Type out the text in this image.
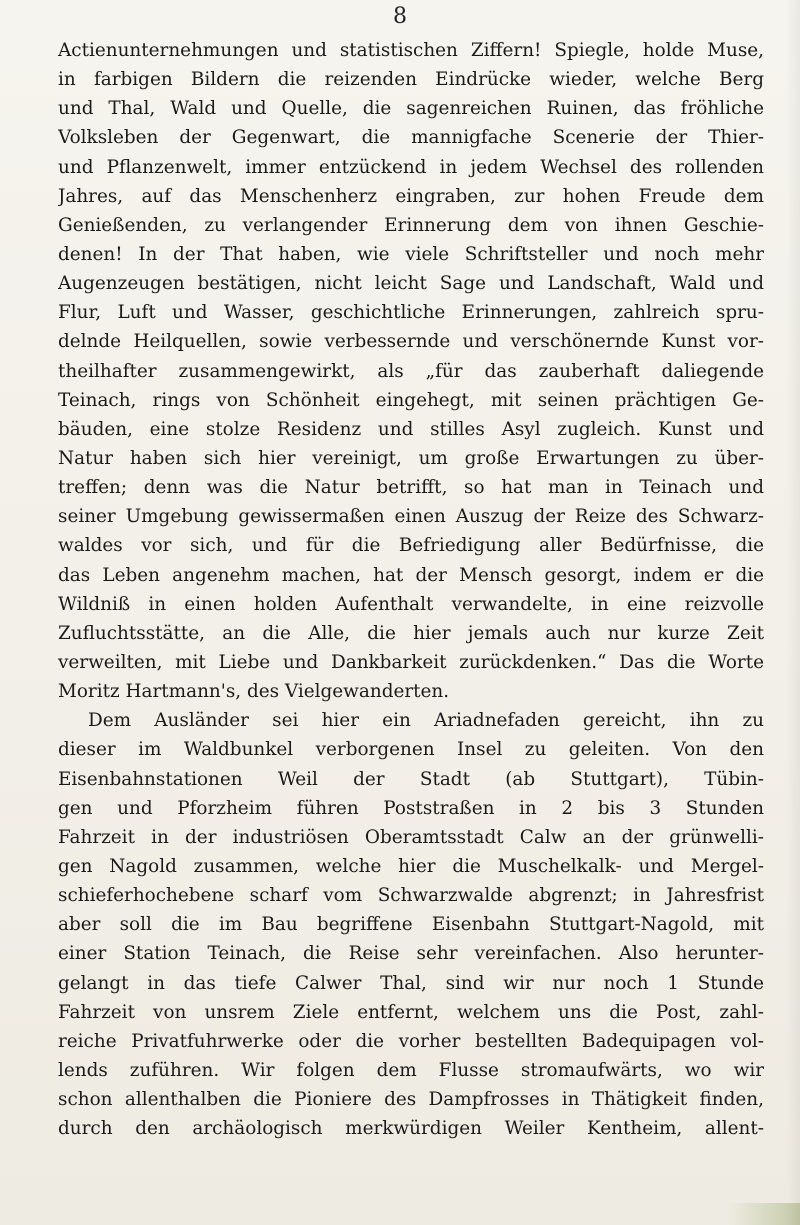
8
Actienunternehmungen und statistischen Ziffern! Spiegle, holde Muse,
in farbigen Bildern die reizenden Eindrücke wieder, welche Berg
und Thal, Wald und Quelle, die sagenreichen Ruinen, das fröhliche
Volksleben der Gegenwart, die mannigfache Scenerie der Thier-
und Pflanzenwelt, immer entzückend in jedem Wechsel des rollenden
Jahres, auf das Menschenherz eingraben, zur hohen Freude dem
Genießenden, zu verlangender Erinnerung dem von ihnen Geschie-
denen! In der That haben, wie viele Schriftsteller und noch mehr
Augenzeugen bestätigen, nicht leicht Sage und Landschaft, Wald und
Flur, Luft und Wasser, geschichtliche Erinnerungen, zahlreich spru-
delnde Heilquellen, sowie verbessernde und verschönernde Kunst vor-
theilhafter zusammengewirkt, als „für das zauberhaft daliegende
Teinach, rings von Schönheit eingehegt, mit seinen prächtigen Ge-
bäuden, eine stolze Residenz und stilles Asyl zugleich. Kunst und
Natur haben sich hier vereinigt, um große Erwartungen zu über-
treffen; denn was die Natur betrifft, so hat man in Teinach und
seiner Umgebung gewissermaßen einen Auszug der Reize des Schwarz-
waldes vor sich, und für die Befriedigung aller Bedürfnisse, die
das Leben angenehm machen, hat der Mensch gesorgt, indem er die
Wildniß in einen holden Aufenthalt verwandelte, in eine reizvolle
Zufluchtsstätte, an die Alle, die hier jemals auch nur kurze Zeit
verweilten, mit Liebe und Dankbarkeit zurückdenken.“ Das die Worte
Moritz Hartmann's, des Vielgewanderten.
Dem Ausländer sei hier ein Ariadnefaden gereicht, ihn zu
dieser im Waldbunkel verborgenen Insel zu geleiten. Von den
Eisenbahnstationen Weil der Stadt (ab Stuttgart), Tübin-
gen und Pforzheim führen Poststraßen in 2 bis 3 Stunden
Fahrzeit in der industriösen Oberamtsstadt Calw an der grünwelli-
gen Nagold zusammen, welche hier die Muschelkalk- und Mergel-
schieferhochebene scharf vom Schwarzwalde abgrenzt; in Jahresfrist
aber soll die im Bau begriffene Eisenbahn Stuttgart-Nagold, mit
einer Station Teinach, die Reise sehr vereinfachen. Also herunter-
gelangt in das tiefe Calwer Thal, sind wir nur noch 1 Stunde
Fahrzeit von unsrem Ziele entfernt, welchem uns die Post, zahl-
reiche Privatfuhrwerke oder die vorher bestellten Badequipagen vol-
lends zuführen. Wir folgen dem Flusse stromaufwärts, wo wir
schon allenthalben die Pioniere des Dampfrosses in Thätigkeit finden,
durch den archäologisch merkwürdigen Weiler Kentheim, allent-
